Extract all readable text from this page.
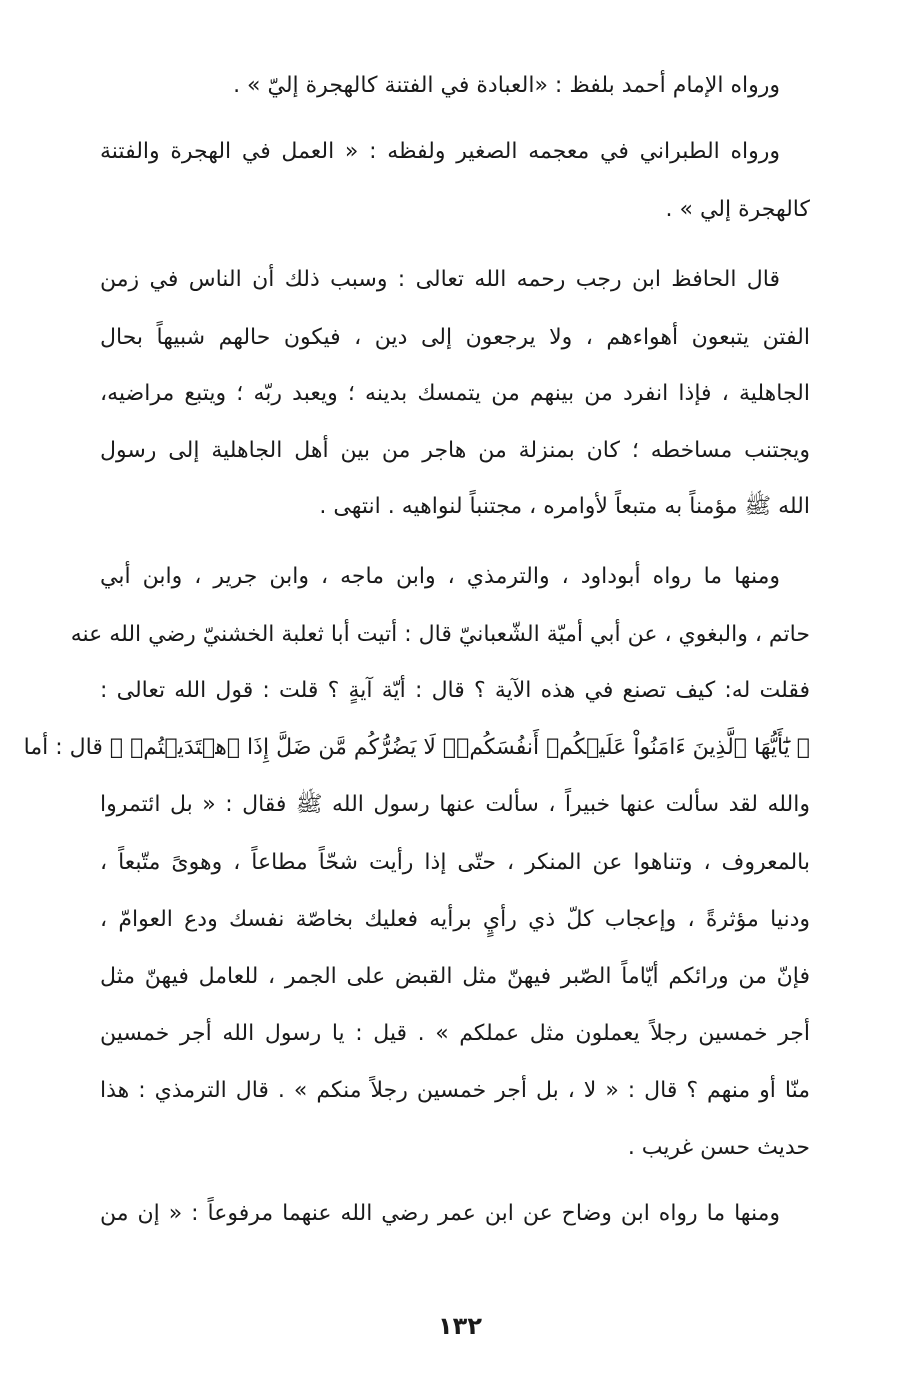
ورواه الإمام أحمد بلفظ : «العبادة في الفتنة كالهجرة إليّ » .
ورواه الطبراني في معجمه الصغير ولفظه : « العمل في الهجرة والفتنة
كالهجرة إلي » .
قال الحافظ ابن رجب رحمه الله تعالى : وسبب ذلك أن الناس في زمن
الفتن يتبعون أهواءهم ، ولا يرجعون إلى دين ، فيكون حالهم شبيهاً بحال
الجاهلية ، فإذا انفرد من بينهم من يتمسك بدينه ؛ ويعبد ربّه ؛ ويتبع مراضيه،
ويجتنب مساخطه ؛ كان بمنزلة من هاجر من بين أهل الجاهلية إلى رسول
الله ﷺ مؤمناً به متبعاً لأوامره ، مجتنباً لنواهيه . انتهى .
ومنها ما رواه أبوداود ، والترمذي ، وابن ماجه ، وابن جرير ، وابن أبي
حاتم ، والبغوي ، عن أبي أميّة الشّعبانيّ قال : أتيت أبا ثعلبة الخشنيّ رضي الله عنه
فقلت له: كيف تصنع في هذه الآية ؟ قال : أيّة آيةٍ ؟ قلت : قول الله تعالى :
﴿ يَٰٓأَيُّهَا ٱلَّذِينَ ءَامَنُواْ عَلَيۡكُمۡ أَنفُسَكُمۡۖ لَا يَضُرُّكُم مَّن ضَلَّ إِذَا ٱهۡتَدَيۡتُمۡ ﴾ قال : أما
والله لقد سألت عنها خبيراً ، سألت عنها رسول الله ﷺ فقال : « بل ائتمروا
بالمعروف ، وتناهوا عن المنكر ، حتّى إذا رأيت شحّاً مطاعاً ، وهوىً متّبعاً ،
ودنيا مؤثرةً ، وإعجاب كلّ ذي رأيٍ برأيه فعليك بخاصّة نفسك ودع العوامّ ،
فإنّ من ورائكم أيّاماً الصّبر فيهنّ مثل القبض على الجمر ، للعامل فيهنّ مثل
أجر خمسين رجلاً يعملون مثل عملكم » . قيل : يا رسول الله أجر خمسين
منّا أو منهم ؟ قال : « لا ، بل أجر خمسين رجلاً منكم » . قال الترمذي : هذا
حديث حسن غريب .
ومنها ما رواه ابن وضاح عن ابن عمر رضي الله عنهما مرفوعاً : « إن من
١٣٢
